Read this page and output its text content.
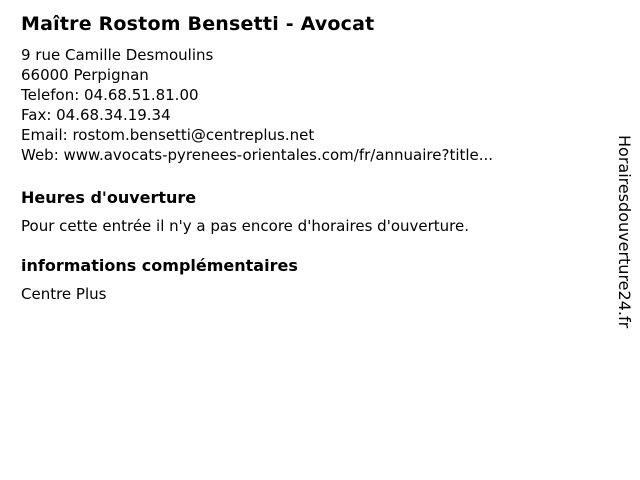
Maître Rostom Bensetti - Avocat
9 rue Camille Desmoulins
66000 Perpignan
Telefon: 04.68.51.81.00
Fax: 04.68.34.19.34
Email: rostom.bensetti@centreplus.net
Web: www.avocats-pyrenees-orientales.com/fr/annuaire?title...
Heures d'ouverture

Pour cette entrée il n'y a pas encore d'horaires d'ouverture.

informations complémentaires

Centre Plus	Horairesdouverture24.fr
